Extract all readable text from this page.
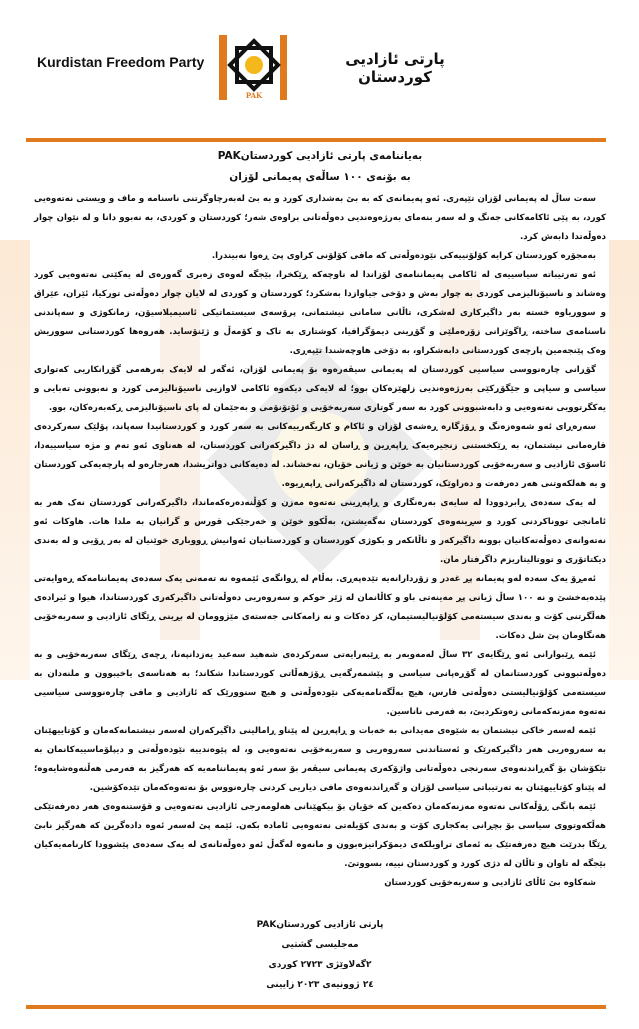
Kurdistan Freedom Party
PAK
پارتی ئازادیی کوردستان
بەیاننامەی پارتی ئازادیی کوردستانPAK
بە بۆنەی ١٠٠ ساڵەی پەیمانی لۆزان

سەت ساڵ لە پەیمانی لۆزان تێپەری. ئەو پەیمانەی کە بە بێ بەشداری کورد و بە بێ لەبەرچاوگرتنی ناسنامە و ماف و ویستی نەتەوەیی کورد، بە پێی ئاکامەکانی جەنگ و لە سەر بنەمای بەرژەوەندیی دەوڵەتانی براوەی شەر؛ کوردستان و کوردی، بە نەبوو دانا و لە نێوان چوار دەوڵەتدا دابەش کرد.

بەمجۆرە کوردستان کرایە کۆلۆنییەکی نێودەوڵەتی کە مافی کۆلۆنی کراوی پێ ڕەوا نەبیندرا.

ئەو تەرتیباتە سیاسییەی لە ئاکامی پەیماننامەی لۆزاندا لە ناوچەکە ڕێکخرا، بێجگە لەوەی زەبری گەورەی لە یەکێتی نەتەوەیی کورد وەشاند و ناسیۆنالیزمی کوردی بە چوار بەش و دۆخی جیاوازدا بەشکرد؛ کوردستان و کوردی لە لایان چوار دەوڵەتی تورکیا، ئێران، عێراق و سووریاوە خستە بەر داگیرکاری لەشکری، تاڵانی سامانی نیشتمانی، پرۆسەی سیستماتیکی ئاسیمیلاسیۆن، زمانکوژی و سەپاندنی ناسنامەی ساختە، ڕاگوێزانی زۆرەملێی و گۆڕینی دیمۆگرافیا، کوشتاری بە تاک و کۆمەڵ و ژێنۆساید. هەروەها کوردستانی سووریش وەک پێنجەمین پارچەی کوردستانی دابەشکراو، بە دۆخی هاوچەشندا تێپەڕی.

گۆڕانی چارەنووسی سیاسیی کوردستان لە پەیمانی سیڤەرەوە بۆ پەیمانی لۆزان، ئەگەر لە لایەک بەرهەمی گۆڕانکاریی کەتواری سیاسی و سیاپی و جێگۆڕکێی بەرژەوەندیی زلهێزەکان بوو؛ لە لایەکی دیکەوە ئاکامی لاوازیی ناسیۆنالیزمی کورد و نەبوونی تەبایی و یەکگرتوویی نەتەوەیی و دابەشبوونی کورد بە سەر گوتاری سەربەخۆیی و ئۆتۆنۆمی و بەجێمان لە پای ناسیۆنالیزمی ڕکەبەرەکان، بوو.

سەرەڕای ئەو شەوەزەنگ و ڕۆژگارە ڕەشەی لۆزان و ئاکام و کاریگەرییەکانی بە سەر کورد و کوردستانیدا سەپاند، پۆلێک سەرکردەی قارەمانی نیشتمان، بە ڕێکخستنی زنجیرەیەک ڕاپەڕین و ڕاسان لە دژ داگیرکەرانی کوردستان، لە هەناوی ئەو تەم و مژە سیاسییەدا، ئاسۆی ئازادیی و سەربەخۆیی کوردستانیان بە خوێن و ژیانی خۆیان، نەخشاند. لە دەیەکانی دواتریشدا، هەرجارەو لە پارچەیەکی کوردستان و بە هەلکەوتنی هەر دەرفەت و دەراوێک، کوردستان لە داگیرکەرانی ڕاپەڕیوە.

لە یەک سەدەی ڕابردوودا لە سایەی بەرەنگاری و ڕاپەڕینی نەتەوە مەزن و کۆڵنەدەرەکەماندا، داگیرکەرانی کوردستان نەک هەر بە ئامانجی تووناکردنی کورد و سڕینەوەی کوردستان نەگەیشتن، بەڵکوو خوێن و خەرجێکی قورس و گرانیان بە ملدا هات. هاوکات ئەو نەتەوانەی دەوڵەتەکانیان بوونە داگیرکەر و تاڵانکەر و بکوژی کوردستان و کوردستانیان ئەوانیش ڕووباری خوێنیان لە بەر ڕۆیی و لە بەندی دیکتاتۆری و تووتالیتاریزم داگرفتار مان.

ئەمڕۆ یەک سەدە لەو پەیمانە پڕ غەدر و زۆردارانەیە تێدەپەڕی. بەڵام لە ڕوانگەی ئێمەوە نە تەمەنی یەک سەدەی پەیماننامەکە ڕەوایەتی پێدەبەخشێ و نە ١٠٠ ساڵ ژیانی پڕ مەینەتی باو و کاڵانمان لە ژێر حوکم و سەروەریی دەوڵەتانی داگیرکەری کوردستاندا، هیوا و ئیرادەی هەڵگرتنی کۆت و بەندی سیستەمی کۆلۆنیالیستیمان، کز دەکات و نە زامەکانی جەستەی مێژوومان لە بڕینی ڕێگای ئازادیی و سەربەخۆیی هەنگاومان پێ شل دەکات.

ئێمە ڕێبوارانی ئەو ڕێگایەی ٣٢ ساڵ لەمەوبەر بە ڕێبەرایەتی سەرکردەی شەهید سەعید یەزدانپەنا، ڕچەی ڕێگای سەربەخۆیی و بە دەوڵەتبوونی کوردستانمان لە گۆڕەپانی سیاسی و پێشمەرگەیی ڕۆژهەڵاتی کوردستاندا شکاند؛ بە هەناسەی یاخیبوون و ملنەدان بە سیستەمی کۆلۆنیالیستی دەوڵەتی فارس، هیچ بەڵگەنامەیەکی نێودەوڵەتی و هیچ سنوورێک کە ئازادیی و مافی چارەنووسی سیاسیی نەتەوە مەزنەکەمانی زەوتکردبێ، بە فەرمی ناناسین.

ئێمە لەسەر خاکی نیشتمان بە شێوەی مەیدانی بە خەبات و ڕاپەڕین لە پێناو ڕامالینی داگیرکەران لەسەر نیشتمانەکەمان و کۆتاییهێنان بە سەروەریی هەر داگیرکەرێک و ئەستاندنی سەروەریی و سەربەخۆیی نەتەوەیی و، لە پێوەندییە نێودەوڵەتی و دیپلۆماسییەکانمان بە تێکۆشان بۆ گەڕاندنەوەی سەرنجی دەوڵەتانی واژۆکەری پەیمانی سیڤەر بۆ سەر ئەو پەیماننامەیە کە هەرگیز بە فەرمی هەڵنەوەشایەوە؛ لە پێناو کۆتاییهێنان بە تەرتیباتی سیاسی لۆزان و گەڕاندنەوەی مافی دیاریی کردنی چارەنووس بۆ نەتەوەکەمان تێدەکۆشین.

ئێمە بانگی ڕۆڵەکانی نەتەوە مەزنەکەمان دەکەین کە خۆیان بۆ بیکهێنانی هەلومەرجی ئازادیی نەتەوەیی و قۆستنەوەی هەر دەرفەتێکی هەڵکەوتووی سیاسی بۆ بچڕانی یەکجاری کۆت و بەندی کۆیلەتی نەتەوەیی ئامادە بکەن. ئێمە پێ لەسەر ئەوە دادەگرین کە هەرگیز نابێ ڕێگا بدرێت هیچ دەرفەتێک بە ئەمای تراویلکەی دیمۆکراتیزەبوون و مانەوە لەگەڵ ئەو دەوڵەتانەی لە یەک سەدەی پێشوودا کارنامەیەکیان بێجگە لە تاوان و تاڵان لە دژی کورد و کوردستان نییە، بسووتێ.

شەکاوە بێ ئاڵای ئازادیی و سەربەخۆیی کوردستان

پارتی ئازادیی کوردستانPAK
مەجلیسی گشتیی
٢گەلاوێژی ٢٧٢٣ کوردی
٢٤ ژوونیەی ٢٠٢٣ زایینی
